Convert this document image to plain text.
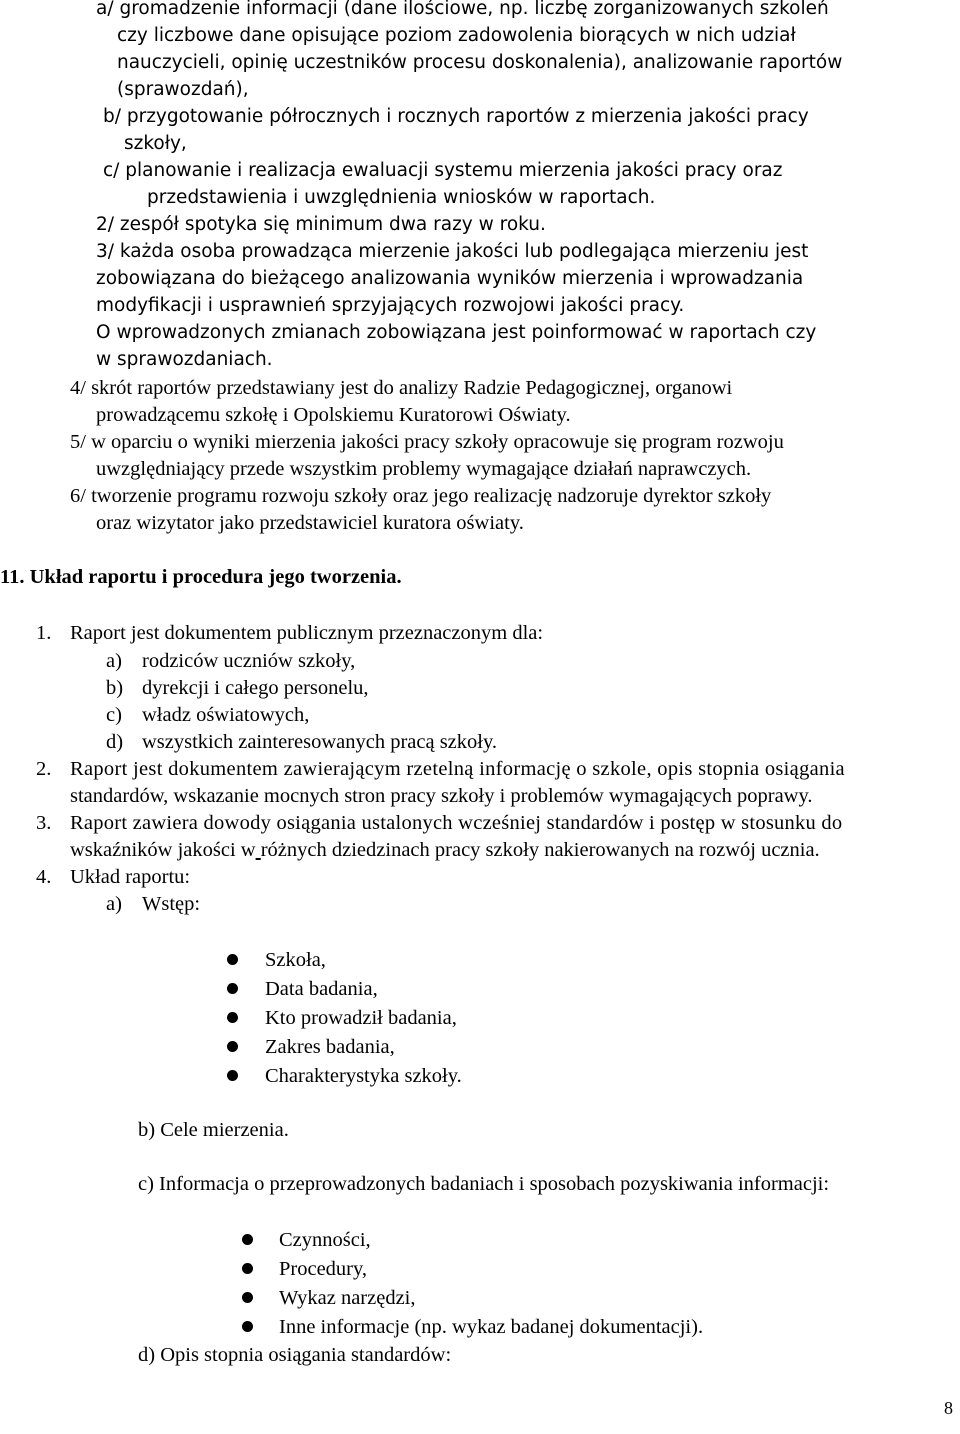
a/ gromadzenie informacji (dane ilościowe, np. liczbę zorganizowanych szkoleń
czy liczbowe dane opisujące poziom zadowolenia biorących w nich udział
nauczycieli, opinię uczestników procesu doskonalenia), analizowanie raportów
(sprawozdań),
b/ przygotowanie półrocznych i rocznych raportów z mierzenia jakości pracy
szkoły,
c/ planowanie i realizacja ewaluacji systemu mierzenia jakości pracy oraz
przedstawienia i uwzględnienia wniosków w raportach.
2/ zespół spotyka się minimum dwa razy w roku.
3/ każda osoba prowadząca mierzenie jakości lub podlegająca mierzeniu jest
zobowiązana do bieżącego analizowania wyników mierzenia i wprowadzania
modyfikacji i usprawnień sprzyjających rozwojowi jakości pracy.
O wprowadzonych zmianach zobowiązana jest poinformować w raportach czy
w sprawozdaniach.
4/ skrót raportów przedstawiany jest do analizy Radzie Pedagogicznej, organowi
prowadzącemu szkołę i Opolskiemu Kuratorowi Oświaty.
5/ w oparciu o wyniki mierzenia jakości pracy szkoły opracowuje się program rozwoju
uwzględniający przede wszystkim problemy wymagające działań naprawczych.
6/ tworzenie programu rozwoju szkoły oraz jego realizację nadzoruje dyrektor szkoły
oraz wizytator jako przedstawiciel kuratora oświaty.
11. Układ raportu i procedura jego tworzenia.
1. Raport jest dokumentem publicznym przeznaczonym dla:
a) rodziców uczniów szkoły,
b) dyrekcji i całego personelu,
c) władz oświatowych,
d) wszystkich zainteresowanych pracą szkoły.
2. Raport jest dokumentem zawierającym rzetelną informację o szkole, opis stopnia osiągania
standardów, wskazanie mocnych stron pracy szkoły i problemów wymagających poprawy.
3. Raport zawiera dowody osiągania ustalonych wcześniej standardów i postęp w stosunku do
wskaźników jakości w różnych dziedzinach pracy szkoły nakierowanych na rozwój ucznia.
4. Układ raportu:
a) Wstęp:
Szkoła,
Data badania,
Kto prowadził badania,
Zakres badania,
Charakterystyka szkoły.
b) Cele mierzenia.
c) Informacja o przeprowadzonych badaniach i sposobach pozyskiwania informacji:
Czynności,
Procedury,
Wykaz narzędzi,
Inne informacje (np. wykaz badanej dokumentacji).
d) Opis stopnia osiągania standardów:
8
